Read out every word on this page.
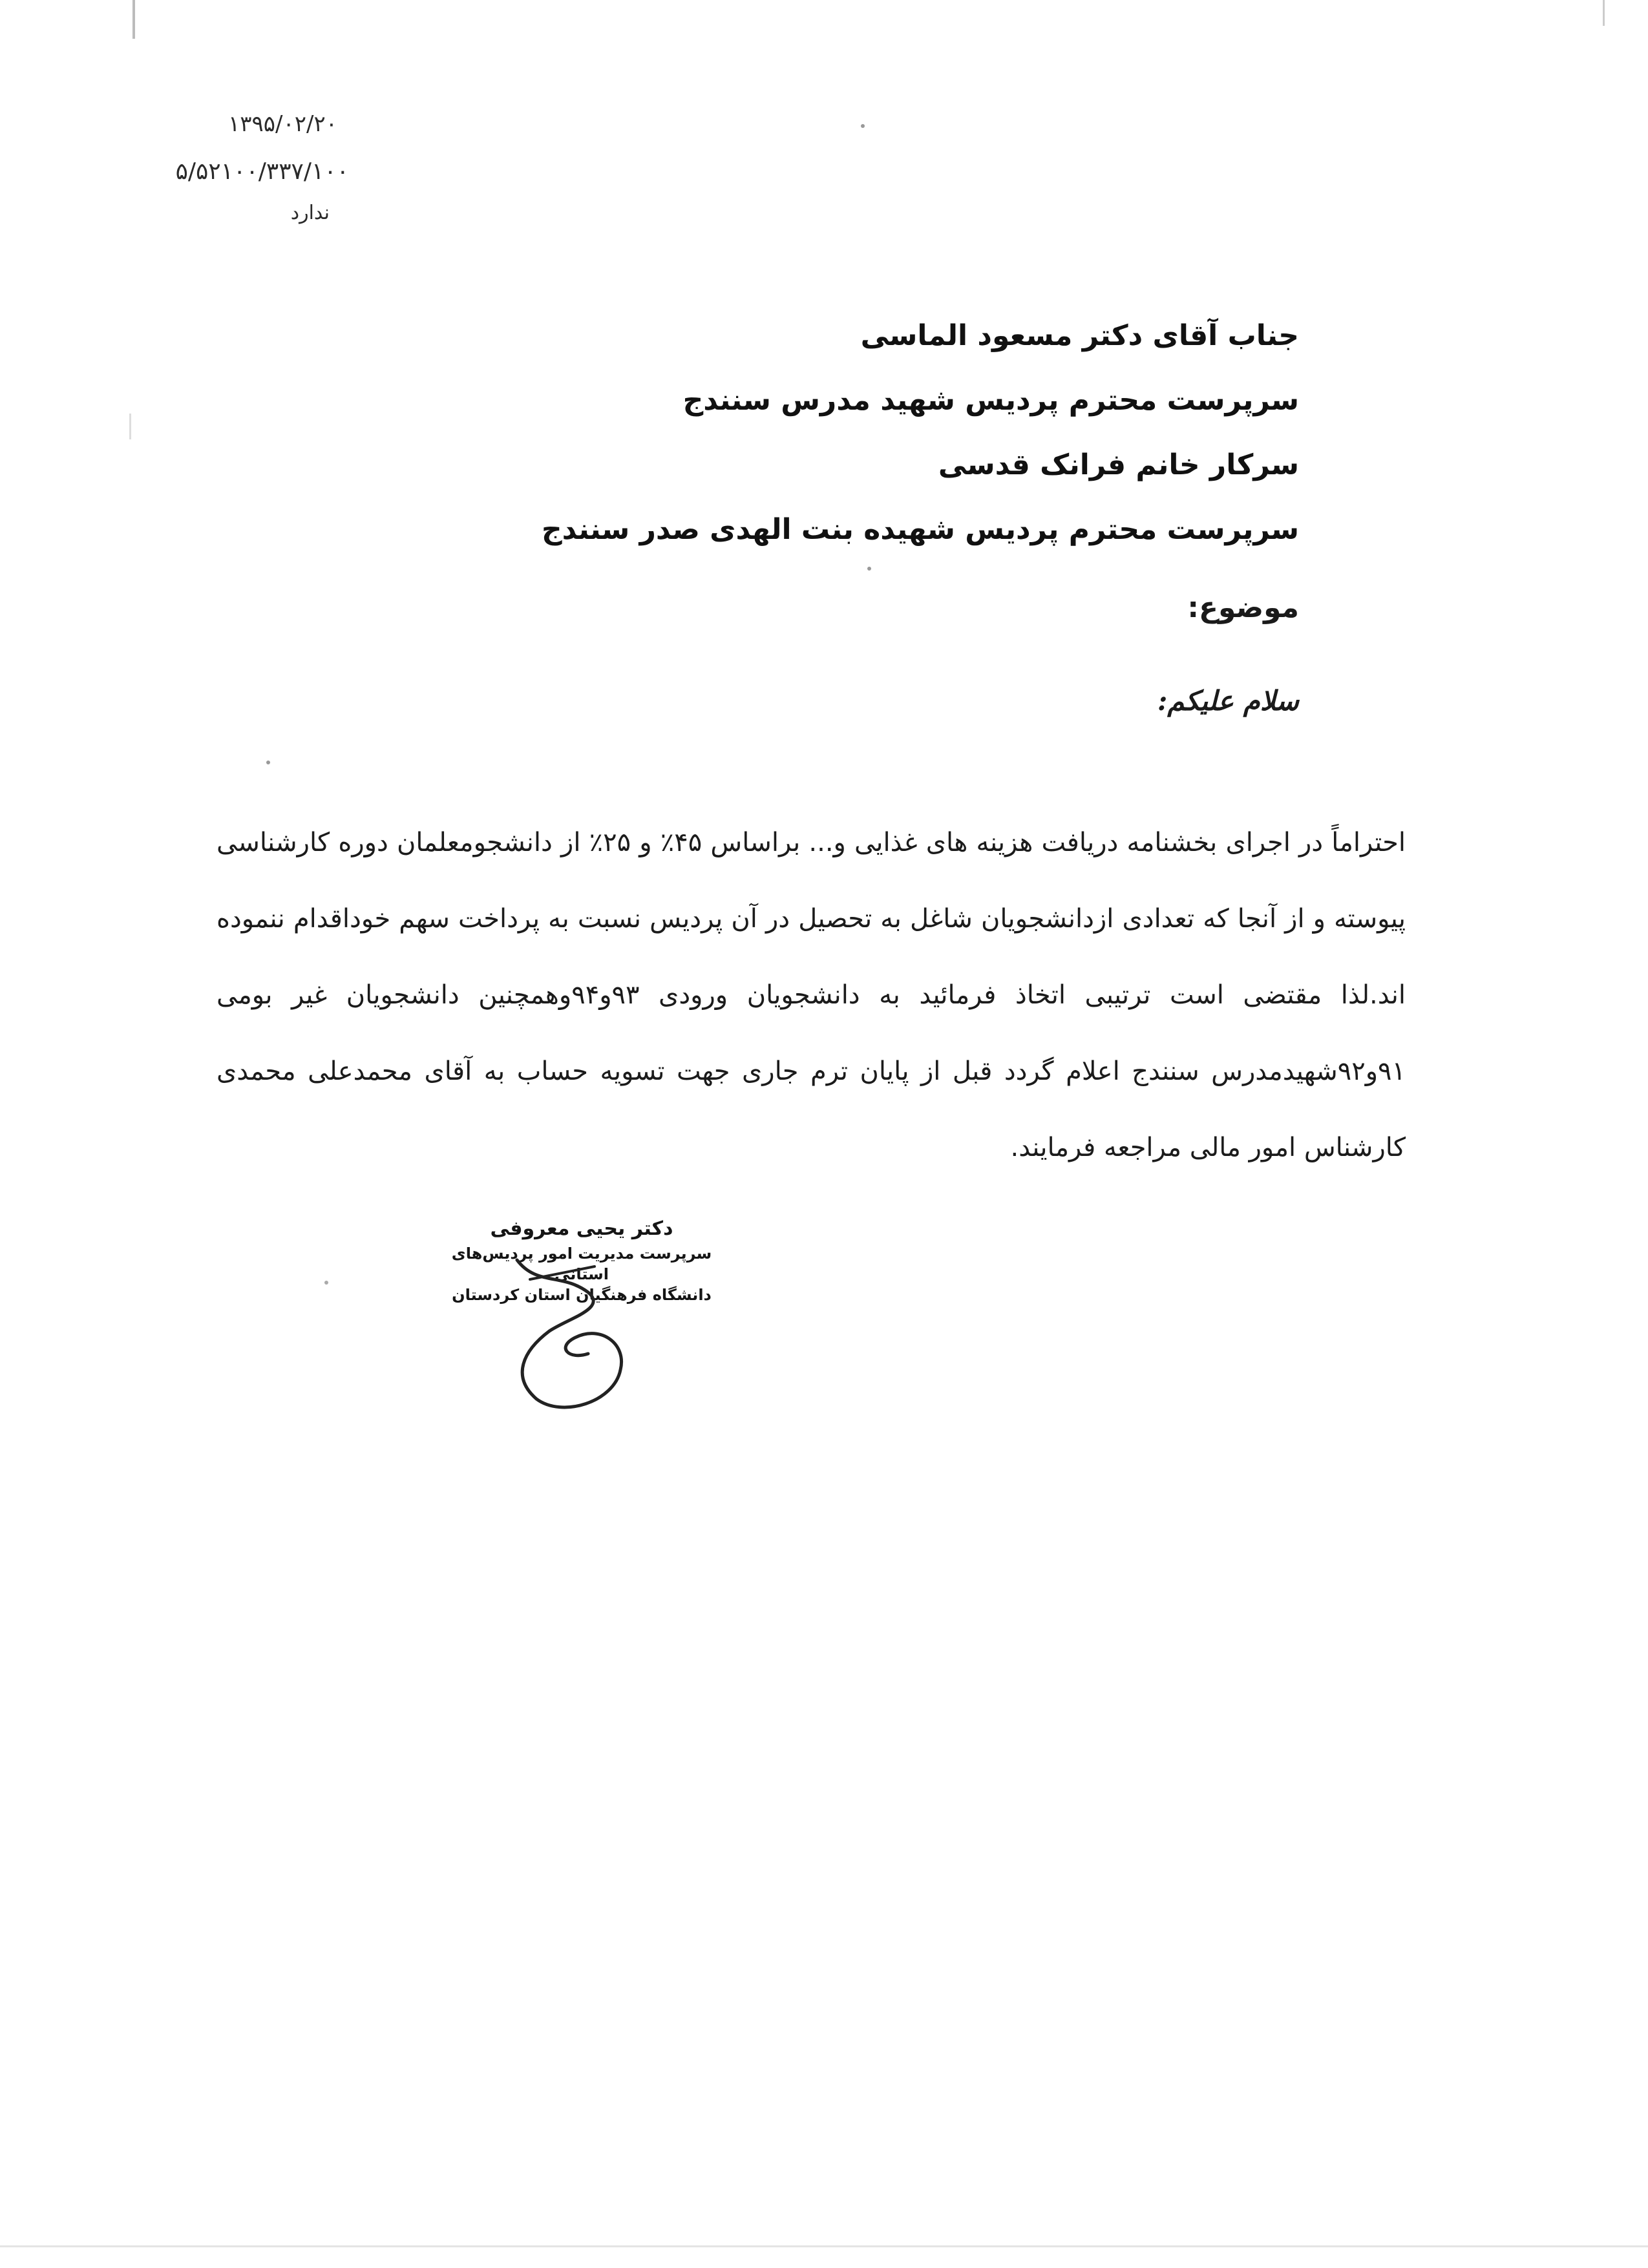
۱۳۹۵/۰۲/۲۰
۵/۵۲۱۰۰/۳۳۷/۱۰۰
ندارد
جناب آقای دکتر مسعود الماسی
سرپرست محترم پردیس شهید مدرس سنندج
سرکار خانم فرانک قدسی
سرپرست محترم پردیس شهیده بنت الهدی صدر سنندج
موضوع:
سلام علیکم:
احتراماً در اجرای بخشنامه دریافت هزینه های غذایی و... براساس ۴۵٪ و ۲۵٪ از دانشجومعلمان دوره کارشناسی پیوسته و از آنجا که تعدادی ازدانشجویان شاغل به تحصیل در آن پردیس نسبت به پرداخت سهم خوداقدام ننموده اند.لذا مقتضی است ترتیبی اتخاذ فرمائید به دانشجویان ورودی ۹۳و۹۴وهمچنین دانشجویان غیر بومی ۹۱و۹۲شهیدمدرس سنندج اعلام گردد قبل از پایان ترم جاری جهت تسویه حساب به آقای محمدعلی محمدی کارشناس امور مالی مراجعه فرمایند.
دکتر یحیی معروفی
سرپرست مدیریت امور پردیس‌های استانی
دانشگاه فرهنگیان استان کردستان
